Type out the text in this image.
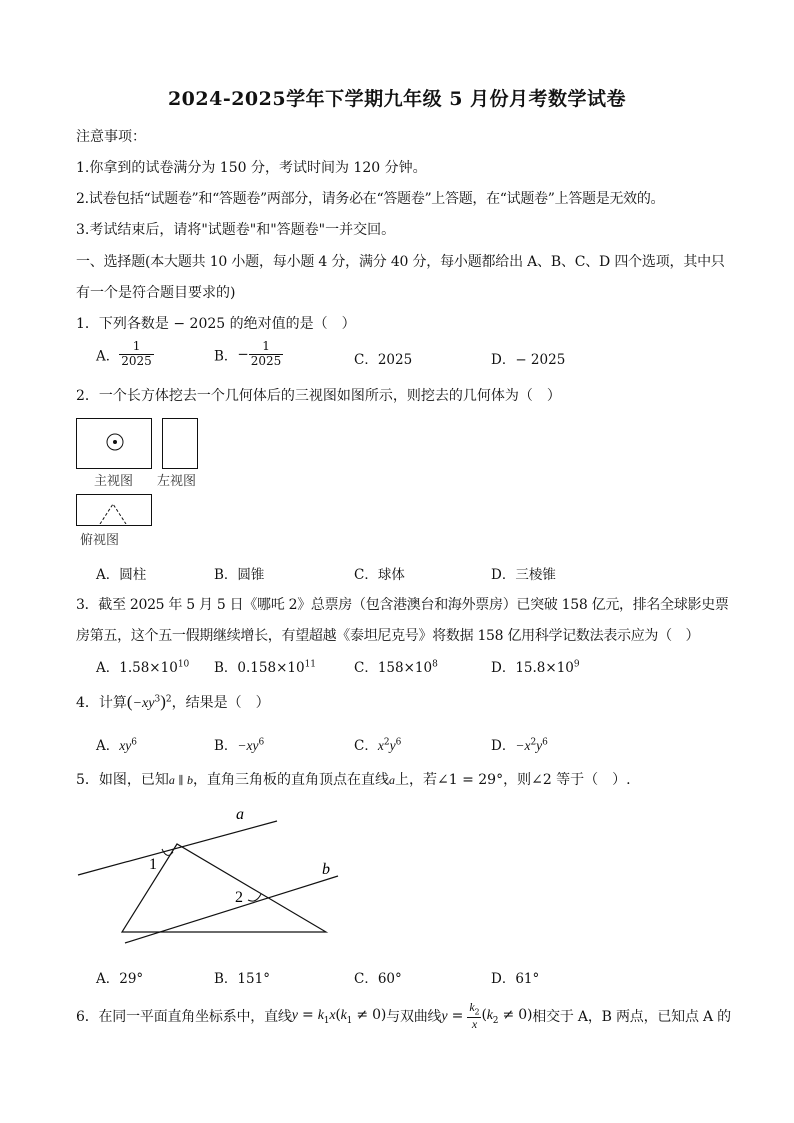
2024-2025学年下学期九年级 5 月份月考数学试卷
注意事项：
1.你拿到的试卷满分为 150 分，考试时间为 120 分钟。
2.试卷包括“试题卷”和“答题卷”两部分，请务必在“答题卷”上答题，在“试题卷”上答题是无效的。
3.考试结束后，请将"试题卷"和"答题卷"一并交回。
一、选择题(本大题共 10 小题，每小题 4 分，满分 40 分，每小题都给出 A、B、C、D 四个选项，其中只
有一个是符合题目要求的)
1．下列各数是 − 2025 的绝对值的是（　）
A． $\frac{1}{2025}$	B．− $\frac{1}{2025}$	C．2025	D．− 2025
2．一个长方体挖去一个几何体后的三视图如图所示，则挖去的几何体为（　）
主视图 左视图
俯视图
A．圆柱	B．圆锥	C．球体	D．三棱锥
3．截至 2025 年 5 月 5 日《哪吒 2》总票房（包含港澳台和海外票房）已突破 158 亿元，排名全球影史票
房第五，这个五一假期继续增长，有望超越《泰坦尼克号》将数据 158 亿用科学记数法表示应为（　）
A．$1.58\times 10^{10}$ B．$0.158\times 10^{11}$	C．$158\times 10^8$	D．$15.8\times 10^9$
4．计算$(-xy^3)^2$，结果是（　）
A．$xy^6$	B．$-xy^6$	C．$x^2y^6$	D．$-x^2y^6$
5．如图，已知a ∥ b，直角三角板的直角顶点在直线a上，若∠1 = 29°，则∠2 等于（　）.
a
b
1
2
A．29°	B．151°	C．60°	D．61°
6．在同一平面直角坐标系中，直线$y = k_1x(k_1 \ne 0)$与双曲线$y = \frac{k_2}{x} (k_2 \ne 0)$相交于 A，B 两点，已知点 A 的
